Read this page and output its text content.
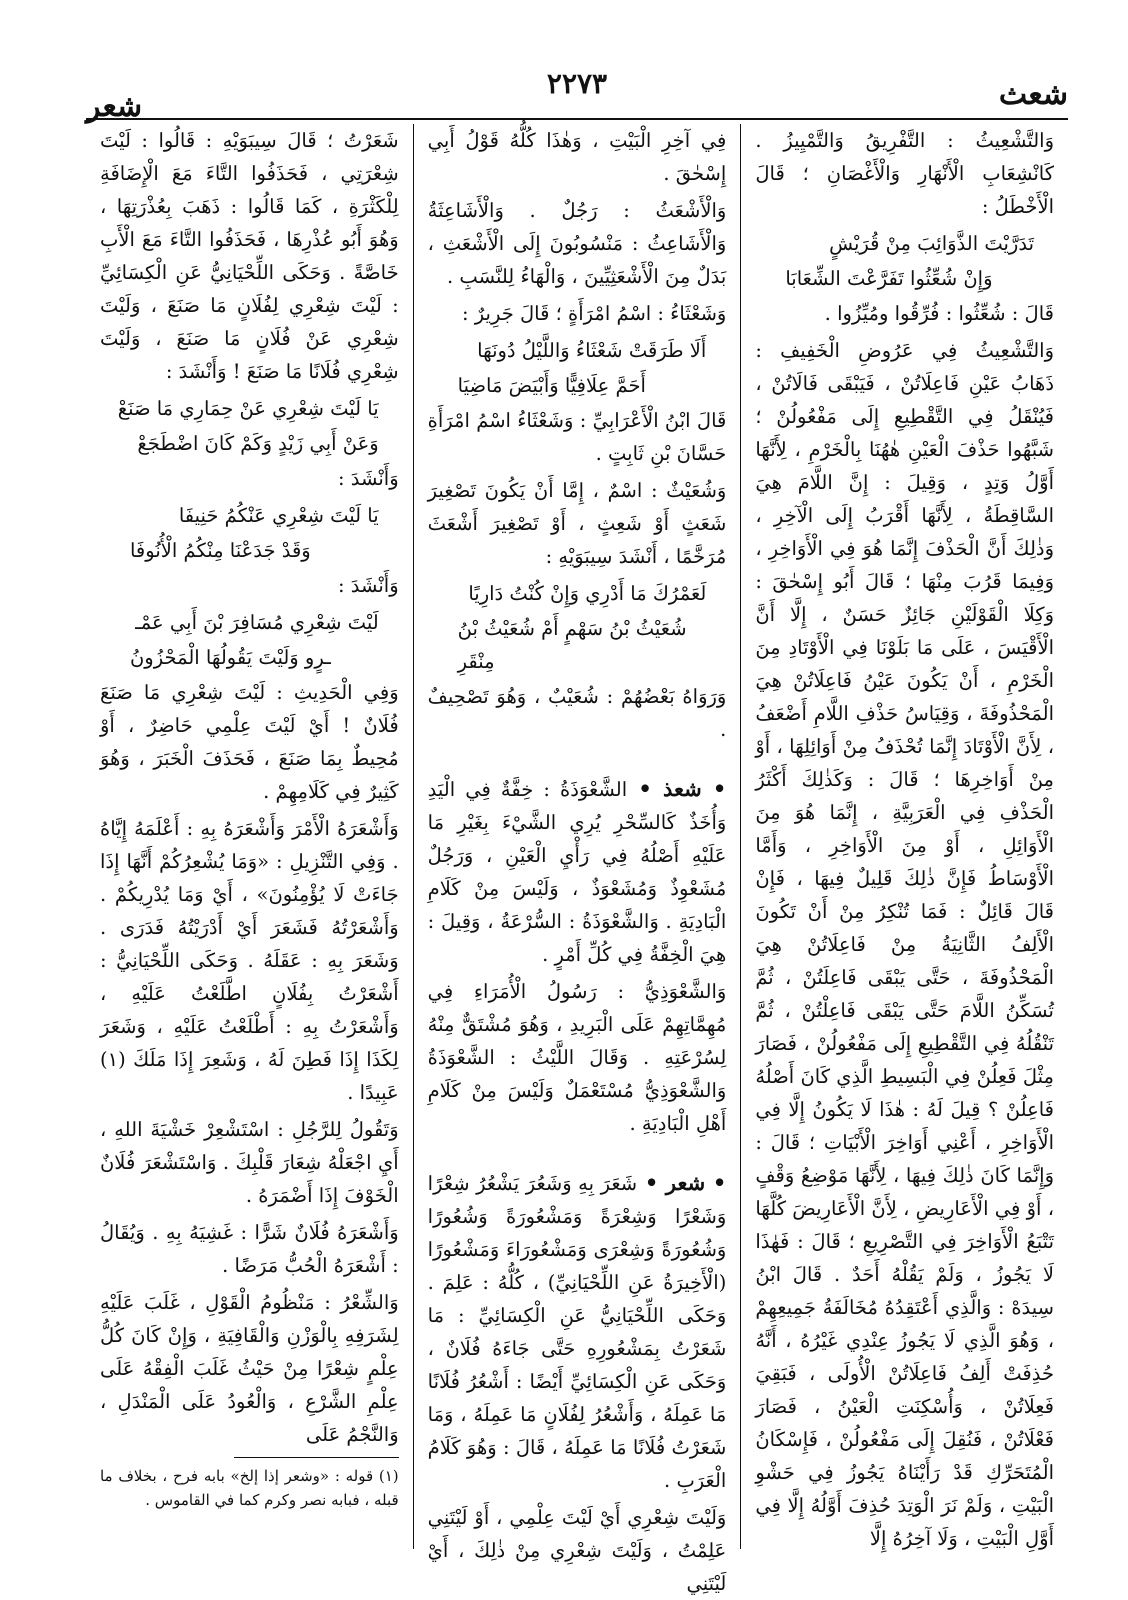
شعث
٢٢٧٣
شعر
وَالتَّشْعِيثُ : التَّفْرِيقُ وَالتَّمْيِيزُ . كَانْشِعَابِ الْأَنْهَارِ وَالْأَغْصَانِ ؛ قَالَ الْأَخْطَلُ :
تَدَرَّيْتَ الذَّوَائِبَ مِنْ قُرَيْشٍ
وَإِنْ شُعِّثُوا تَفَرَّعْتَ الشِّعَابَا
قَالَ : شُعِّثُوا : فُرِّقُوا ومُيِّزُوا .
وَالتَّشْعِيثُ فِي عَرُوضِ الْخَفِيفِ : ذَهَابُ عَيْنِ فَاعِلَاتُنْ ، فَيَبْقَى فَالَاتُنْ ، فَيُنْقَلُ فِي التَّقْطِيعِ إِلَى مَفْعُولُنْ ؛ شَبَّهُوا حَذْفَ الْعَيْنِ هٰهُنَا بِالْخَرْمِ ، لِأَنَّهَا أَوَّلُ وَتِدٍ ، وَقِيلَ : إِنَّ اللَّامَ هِيَ السَّاقِطَةُ ، لِأَنَّهَا أَقْرَبُ إِلَى الْآخِرِ ، وَذٰلِكَ أَنَّ الْحَذْفَ إِنَّمَا هُوَ فِي الْأَوَاخِرِ ، وَفِيمَا قَرُبَ مِنْهَا ؛ قَالَ أَبُو إِسْحٰقَ : وَكِلَا الْقَوْلَيْنِ جَائِزٌ حَسَنٌ ، إِلَّا أَنَّ الْأَقْيَسَ ، عَلَى مَا بَلَوْنَا فِي الْأَوْتَادِ مِنَ الْخَرْمِ ، أَنْ يَكُونَ عَيْنُ فَاعِلَاتُنْ هِيَ الْمَحْذُوفَةَ ، وَقِيَاسُ حَذْفِ اللَّامِ أَضْعَفُ ، لِأَنَّ الْأَوْتَادَ إِنَّمَا تُحْذَفُ مِنْ أَوَائِلِهَا ، أَوْ مِنْ أَوَاخِرِهَا ؛ قَالَ : وَكَذٰلِكَ أَكْثَرُ الْحَذْفِ فِي الْعَرَبِيَّةِ ، إِنَّمَا هُوَ مِنَ الْأَوَائِلِ ، أَوْ مِنَ الْأَوَاخِرِ ، وَأَمَّا الْأَوْسَاطُ فَإِنَّ ذٰلِكَ قَلِيلٌ فِيهَا ، فَإِنْ قَالَ قَائِلٌ : فَمَا تُنْكِرُ مِنْ أَنْ تَكُونَ الْأَلِفُ الثَّانِيَةُ مِنْ فَاعِلَاتُنْ هِيَ الْمَحْذُوفَةَ ، حَتَّى يَبْقَى فَاعِلَتُنْ ، ثُمَّ تُسَكِّنُ اللَّامَ حَتَّى يَبْقَى فَاعِلْتُنْ ، ثُمَّ تَنْقُلُهُ فِي التَّقْطِيعِ إِلَى مَفْعُولُنْ ، فَصَارَ مِثْلَ فَعِلُنْ فِي الْبَسِيطِ الَّذِي كَانَ أَصْلُهُ فَاعِلُنْ ؟ قِيلَ لَهُ : هٰذَا لَا يَكُونُ إِلَّا فِي الْأَوَاخِرِ ، أَعْنِي أَوَاخِرَ الْأَبْيَاتِ ؛ قَالَ : وَإِنَّمَا كَانَ ذٰلِكَ فِيهَا ، لِأَنَّهَا مَوْضِعُ وَقْفٍ ، أَوْ فِي الْأَعَارِيضِ ، لِأَنَّ الْأَعَارِيضَ كُلَّهَا تَتْبَعُ الْأَوَاخِرَ فِي التَّصْرِيعِ ؛ قَالَ : فَهٰذَا لَا يَجُوزُ ، وَلَمْ يَقُلْهُ أَحَدٌ . قَالَ ابْنُ سِيدَهْ : وَالَّذِي أَعْتَقِدُهُ مُخَالَفَةُ جَمِيعِهِمْ ، وَهُوَ الَّذِي لَا يَجُوزُ عِنْدِي غَيْرُهُ ، أَنَّهُ حُذِفَتْ أَلِفُ فَاعِلَاتُنْ الْأُولَى ، فَبَقِيَ فَعِلَاتُنْ ، وَأُسْكِنَتِ الْعَيْنُ ، فَصَارَ فَعْلَاتُنْ ، فَنُقِلَ إِلَى مَفْعُولُنْ ، فَإِسْكَانُ الْمُتَحَرِّكِ قَدْ رَأَيْنَاهُ يَجُوزُ فِي حَشْوِ الْبَيْتِ ، وَلَمْ نَرَ الْوَتِدَ حُذِفَ أَوَّلُهُ إِلَّا فِي أَوَّلِ الْبَيْتِ ، وَلَا آخِرُهُ إِلَّا
فِي آخِرِ الْبَيْتِ ، وَهٰذَا كُلُّهُ قَوْلُ أَبِي إِسْحٰقَ .
وَالْأَشْعَثُ : رَجُلٌ . وَالْأَشَاعِثَةُ وَالْأَشَاعِثُ : مَنْسُوبُونَ إِلَى الْأَشْعَثِ ، بَدَلٌ مِنَ الْأَشْعَثِيِّينَ ، وَالْهَاءُ لِلنَّسَبِ .
وَشَعْثَاءُ : اسْمُ امْرَأَةٍ ؛ قَالَ جَرِيرٌ :
أَلَا طَرَقَتْ شَعْثَاءُ وَاللَّيْلُ دُونَهَا
أَحَمَّ عِلَافِيًّا وَأَبْيَضَ مَاضِيَا
قَالَ ابْنُ الْأَعْرَابِيِّ : وَشَعْثَاءُ اسْمُ امْرَأَةِ حَسَّانَ بْنِ ثَابِتٍ .
وَشُعَيْثٌ : اسْمٌ ، إِمَّا أَنْ يَكُونَ تَصْغِيرَ شَعَثٍ أَوْ شَعِثٍ ، أَوْ تَصْغِيرَ أَشْعَثَ مُرَخَّمًا ، أَنْشَدَ سِيبَوَيْهِ :
لَعَمْرُكَ مَا أَدْرِي وَإِنْ كُنْتُ دَارِيًا
شُعَيْثُ بْنُ سَهْمٍ أَمْ شُعَيْثُ بْنُ مِنْقَرِ
وَرَوَاهُ بَعْضُهُمْ : شُعَيْبٌ ، وَهُوَ تَصْحِيفٌ .
• شعذ • الشَّعْوَذَةُ : خِفَّةٌ فِي الْيَدِ وَأُخَذٌ كَالسِّحْرِ يُرِي الشَّيْءَ بِغَيْرِ مَا عَلَيْهِ أَصْلُهُ فِي رَأْيِ الْعَيْنِ ، وَرَجُلٌ مُشَعْوِذٌ وَمُشَعْوَذٌ ، وَلَيْسَ مِنْ كَلَامِ الْبَادِيَةِ . وَالشَّعْوَذَةُ : السُّرْعَةُ ، وَقِيلَ : هِيَ الْخِفَّةُ فِي كُلِّ أَمْرٍ .
وَالشَّعْوَذِيُّ : رَسُولُ الْأُمَرَاءِ فِي مُهِمَّاتِهِمْ عَلَى الْبَرِيدِ ، وَهُوَ مُشْتَقٌّ مِنْهُ لِسُرْعَتِهِ . وَقَالَ اللَّيْثُ : الشَّعْوَذَةُ وَالشَّعْوَذِيُّ مُسْتَعْمَلٌ وَلَيْسَ مِنْ كَلَامِ أَهْلِ الْبَادِيَةِ .
• شعر • شَعَرَ بِهِ وَشَعُرَ يَشْعُرُ شِعْرًا وَشَعْرًا وَشِعْرَةً وَمَشْعُورَةً وَشُعُورًا وَشُعُورَةً وَشِعْرَى وَمَشْعُورَاءَ وَمَشْعُورًا (الْأَخِيرَةُ عَنِ اللِّحْيَانِيِّ) ، كُلُّهُ : عَلِمَ . وَحَكَى اللِّحْيَانِيُّ عَنِ الْكِسَائِيِّ : مَا شَعَرْتُ بِمَشْعُورِهِ حَتَّى جَاءَهُ فُلَانٌ ، وَحَكَى عَنِ الْكِسَائِيِّ أَيْضًا : أَشْعُرُ فُلَانًا مَا عَمِلَهُ ، وَأَشْعُرُ لِفُلَانٍ مَا عَمِلَهُ ، وَمَا شَعَرْتُ فُلَانًا مَا عَمِلَهُ ، قَالَ : وَهُوَ كَلَامُ الْعَرَبِ .
وَلَيْتَ شِعْرِي أَيْ لَيْتَ عِلْمِي ، أَوْ لَيْتَنِي عَلِمْتُ ، وَلَيْتَ شِعْرِي مِنْ ذٰلِكَ ، أَيْ لَيْتَنِي
شَعَرْتُ ؛ قَالَ سِيبَوَيْهِ : قَالُوا : لَيْتَ شِعْرَتِي ، فَحَذَفُوا التَّاءَ مَعَ الْإِضَافَةِ لِلْكَثْرَةِ ، كَمَا قَالُوا : ذَهَبَ بِعُذْرَتِهَا ، وَهُوَ أَبُو عُذْرِهَا ، فَحَذَفُوا التَّاءَ مَعَ الْأَبِ خَاصَّةً . وَحَكَى اللِّحْيَانِيُّ عَنِ الْكِسَائِيِّ : لَيْتَ شِعْرِي لِفُلَانٍ مَا صَنَعَ ، وَلَيْتَ شِعْرِي عَنْ فُلَانٍ مَا صَنَعَ ، وَلَيْتَ شِعْرِي فُلَانًا مَا صَنَعَ ! وَأَنْشَدَ :
يَا لَيْتَ شِعْرِي عَنْ حِمَارِي مَا صَنَعْ
وَعَنْ أَبِي زَيْدٍ وَكَمْ كَانَ اضْطَجَعْ
وَأَنْشَدَ :
يَا لَيْتَ شِعْرِي عَنْكُمُ حَنِيفَا
وَقَدْ جَدَعْنَا مِنْكُمُ الْأُنُوفَا
وَأَنْشَدَ :
لَيْتَ شِعْرِي مُسَافِرَ بْنَ أَبِي عَمْـ
ـرٍو وَلَيْتَ يَقُولُهَا الْمَحْزُونُ
وَفِي الْحَدِيثِ : لَيْتَ شِعْرِي مَا صَنَعَ فُلَانٌ ! أَيْ لَيْتَ عِلْمِي حَاضِرٌ ، أَوْ مُحِيطٌ بِمَا صَنَعَ ، فَحَذَفَ الْخَبَرَ ، وَهُوَ كَثِيرٌ فِي كَلَامِهِمْ .
وَأَشْعَرَهُ الْأَمْرَ وَأَشْعَرَهُ بِهِ : أَعْلَمَهُ إِيَّاهُ . وَفِي التَّنْزِيلِ : «وَمَا يُشْعِرُكُمْ أَنَّهَا إِذَا جَاءَتْ لَا يُؤْمِنُونَ» ، أَيْ وَمَا يُدْرِيكُمْ . وَأَشْعَرْتُهُ فَشَعَرَ أَيْ أَدْرَيْتُهُ فَدَرَى . وَشَعَرَ بِهِ : عَقَلَهُ . وَحَكَى اللِّحْيَانِيُّ : أَشْعَرْتُ بِفُلَانٍ اطَّلَعْتُ عَلَيْهِ ، وَأَشْعَرْتُ بِهِ : أَطْلَعْتُ عَلَيْهِ ، وَشَعَرَ لِكَذَا إِذَا فَطِنَ لَهُ ، وَشَعِرَ إِذَا مَلَكَ (١) عَبِيدًا .
وَتَقُولُ لِلرَّجُلِ : اسْتَشْعِرْ خَشْيَةَ اللهِ ، أَيِ اجْعَلْهُ شِعَارَ قَلْبِكَ . وَاسْتَشْعَرَ فُلَانٌ الْخَوْفَ إِذَا أَضْمَرَهُ .
وَأَشْعَرَهُ فُلَانٌ شَرًّا : غَشِيَهُ بِهِ . وَيُقَالُ : أَشْعَرَهُ الْحُبُّ مَرَضًا .
وَالشِّعْرُ : مَنْظُومُ الْقَوْلِ ، غَلَبَ عَلَيْهِ لِشَرَفِهِ بِالْوَزْنِ وَالْقَافِيَةِ ، وَإِنْ كَانَ كُلُّ عِلْمٍ شِعْرًا مِنْ حَيْثُ غَلَبَ الْفِقْهُ عَلَى عِلْمِ الشَّرْعِ ، وَالْعُودُ عَلَى الْمَنْدَلِ ، وَالنَّجْمُ عَلَى
(١) قوله : «وشعر إذا إلخ» بابه فرح ، بخلاف ما قبله ، فبابه نصر وكرم كما في القاموس .
